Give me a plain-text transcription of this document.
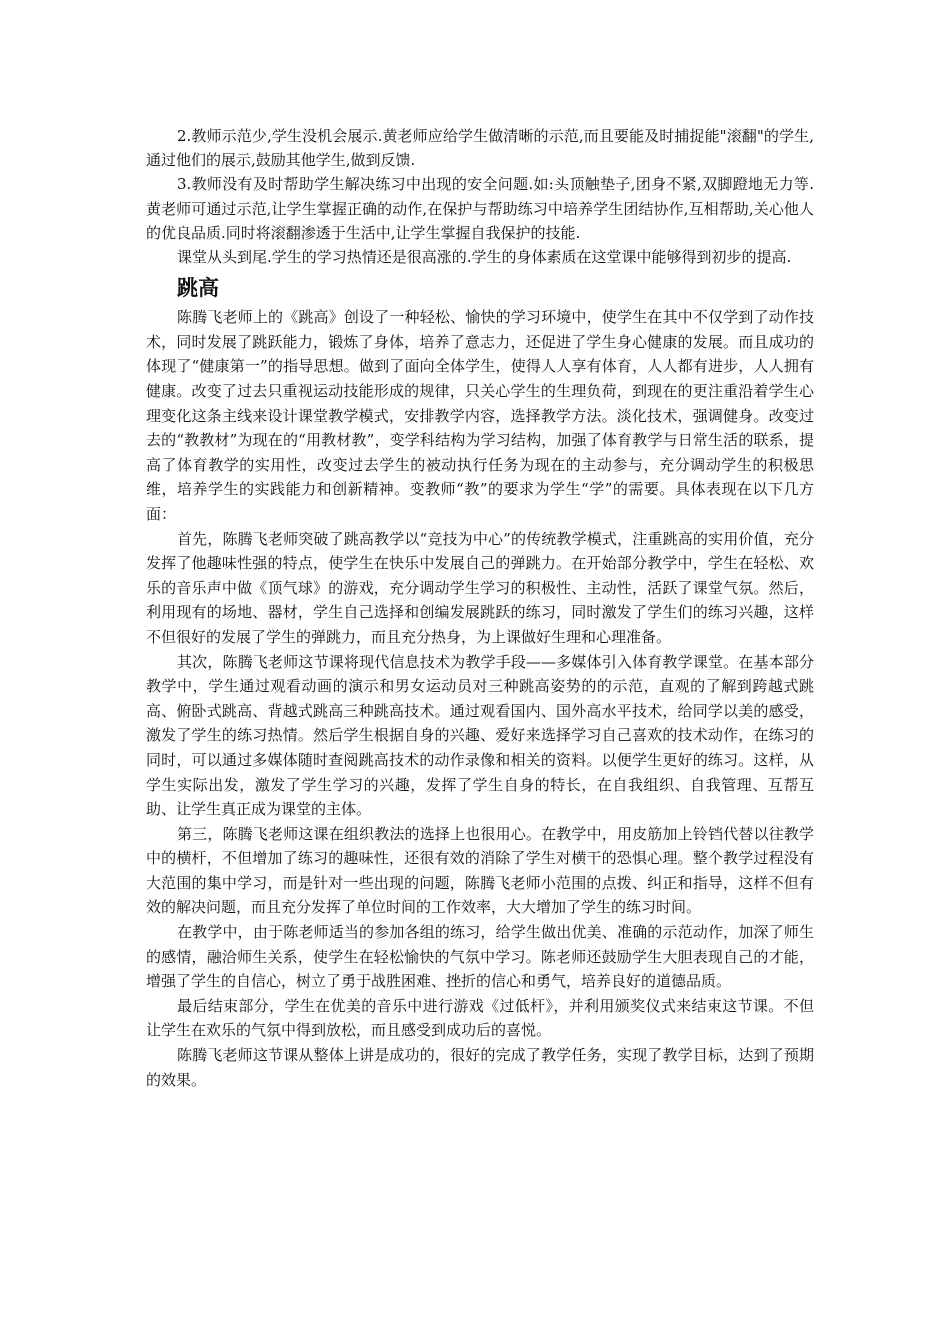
2.教师示范少,学生没机会展示.黄老师应给学生做清晰的示范,而且要能及时捕捉能"滚翻"的学生,通过他们的展示,鼓励其他学生,做到反馈.

3.教师没有及时帮助学生解决练习中出现的安全问题.如:头顶触垫子,团身不紧,双脚蹬地无力等.黄老师可通过示范,让学生掌握正确的动作,在保护与帮助练习中培养学生团结协作,互相帮助,关心他人的优良品质.同时将滚翻渗透于生活中,让学生掌握自我保护的技能.

课堂从头到尾.学生的学习热情还是很高涨的.学生的身体素质在这堂课中能够得到初步的提高.

跳高

陈腾飞老师上的《跳高》创设了一种轻松、愉快的学习环境中，使学生在其中不仅学到了动作技术，同时发展了跳跃能力，锻炼了身体，培养了意志力，还促进了学生身心健康的发展。而且成功的体现了“健康第一”的指导思想。做到了面向全体学生，使得人人享有体育，人人都有进步，人人拥有健康。改变了过去只重视运动技能形成的规律，只关心学生的生理负荷，到现在的更注重沿着学生心理变化这条主线来设计课堂教学模式，安排教学内容，选择教学方法。淡化技术，强调健身。改变过去的“教教材”为现在的“用教材教”，变学科结构为学习结构，加强了体育教学与日常生活的联系，提高了体育教学的实用性，改变过去学生的被动执行任务为现在的主动参与，充分调动学生的积极思维，培养学生的实践能力和创新精神。变教师“教”的要求为学生“学”的需要。具体表现在以下几方面：

首先，陈腾飞老师突破了跳高教学以“竞技为中心”的传统教学模式，注重跳高的实用价值，充分发挥了他趣味性强的特点，使学生在快乐中发展自己的弹跳力。在开始部分教学中，学生在轻松、欢乐的音乐声中做《顶气球》的游戏，充分调动学生学习的积极性、主动性，活跃了课堂气氛。然后，利用现有的场地、器材，学生自己选择和创编发展跳跃的练习，同时激发了学生们的练习兴趣，这样不但很好的发展了学生的弹跳力，而且充分热身，为上课做好生理和心理准备。

其次，陈腾飞老师这节课将现代信息技术为教学手段——多媒体引入体育教学课堂。在基本部分教学中，学生通过观看动画的演示和男女运动员对三种跳高姿势的的示范，直观的了解到跨越式跳高、俯卧式跳高、背越式跳高三种跳高技术。通过观看国内、国外高水平技术，给同学以美的感受，激发了学生的练习热情。然后学生根据自身的兴趣、爱好来选择学习自己喜欢的技术动作，在练习的同时，可以通过多媒体随时查阅跳高技术的动作录像和相关的资料。以便学生更好的练习。这样，从学生实际出发，激发了学生学习的兴趣，发挥了学生自身的特长，在自我组织、自我管理、互帮互助、让学生真正成为课堂的主体。

第三，陈腾飞老师这课在组织教法的选择上也很用心。在教学中，用皮筋加上铃铛代替以往教学中的横杆，不但增加了练习的趣味性，还很有效的消除了学生对横干的恐惧心理。整个教学过程没有大范围的集中学习，而是针对一些出现的问题，陈腾飞老师小范围的点拨、纠正和指导，这样不但有效的解决问题，而且充分发挥了单位时间的工作效率，大大增加了学生的练习时间。

在教学中，由于陈老师适当的参加各组的练习，给学生做出优美、准确的示范动作，加深了师生的感情，融洽师生关系，使学生在轻松愉快的气氛中学习。陈老师还鼓励学生大胆表现自己的才能，增强了学生的自信心，树立了勇于战胜困难、挫折的信心和勇气，培养良好的道德品质。

最后结束部分，学生在优美的音乐中进行游戏《过低杆》，并利用颁奖仪式来结束这节课。不但让学生在欢乐的气氛中得到放松，而且感受到成功后的喜悦。

陈腾飞老师这节课从整体上讲是成功的，很好的完成了教学任务，实现了教学目标，达到了预期的效果。
